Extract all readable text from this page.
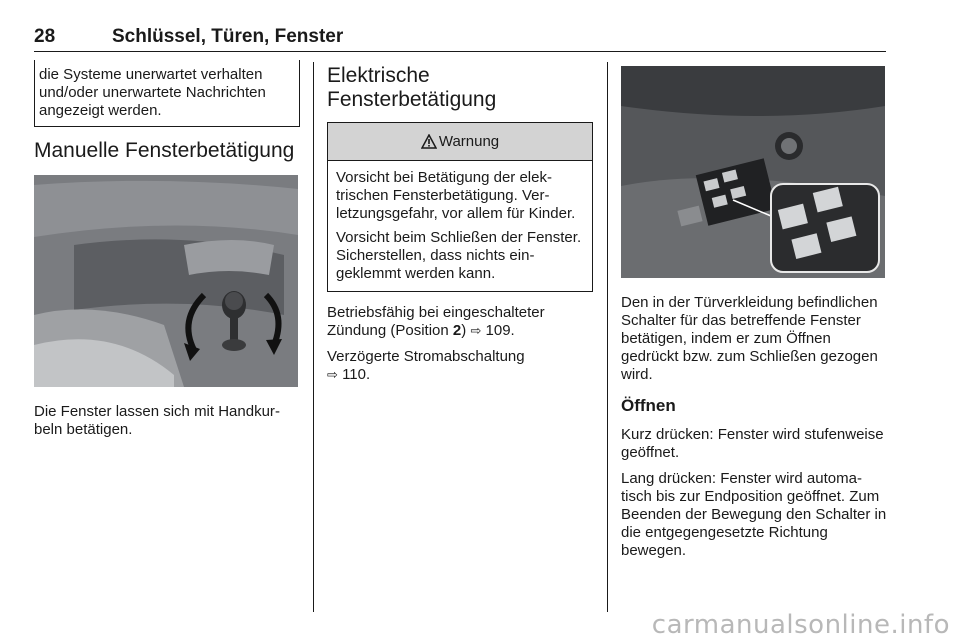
28	Schlüssel, Türen, Fenster

die Systeme unerwartet verhalten und/oder unerwartete Nachrichten angezeigt werden.

Manuelle Fensterbetätigung

Die Fenster lassen sich mit Handkurbeln betätigen.

Elektrische Fensterbetätigung
Warnung

Vorsicht bei Betätigung der elektrischen Fensterbetätigung. Verletzungsgefahr, vor allem für Kinder.

Vorsicht beim Schließen der Fenster. Sicherstellen, dass nichts eingeklemmt werden kann.

Betriebsfähig bei eingeschalteter Zündung (Position 2) ⇨ 109.

Verzögerte Stromabschaltung
⇨ 110.

Den in der Türverkleidung befindlichen Schalter für das betreffende Fenster betätigen, indem er zum Öffnen gedrückt bzw. zum Schließen gezogen wird.

Öffnen

Kurz drücken: Fenster wird stufenweise geöffnet.

Lang drücken: Fenster wird automatisch bis zur Endposition geöffnet. Zum Beenden der Bewegung den Schalter in die entgegengesetzte Richtung bewegen.

carmanualsonline.info
